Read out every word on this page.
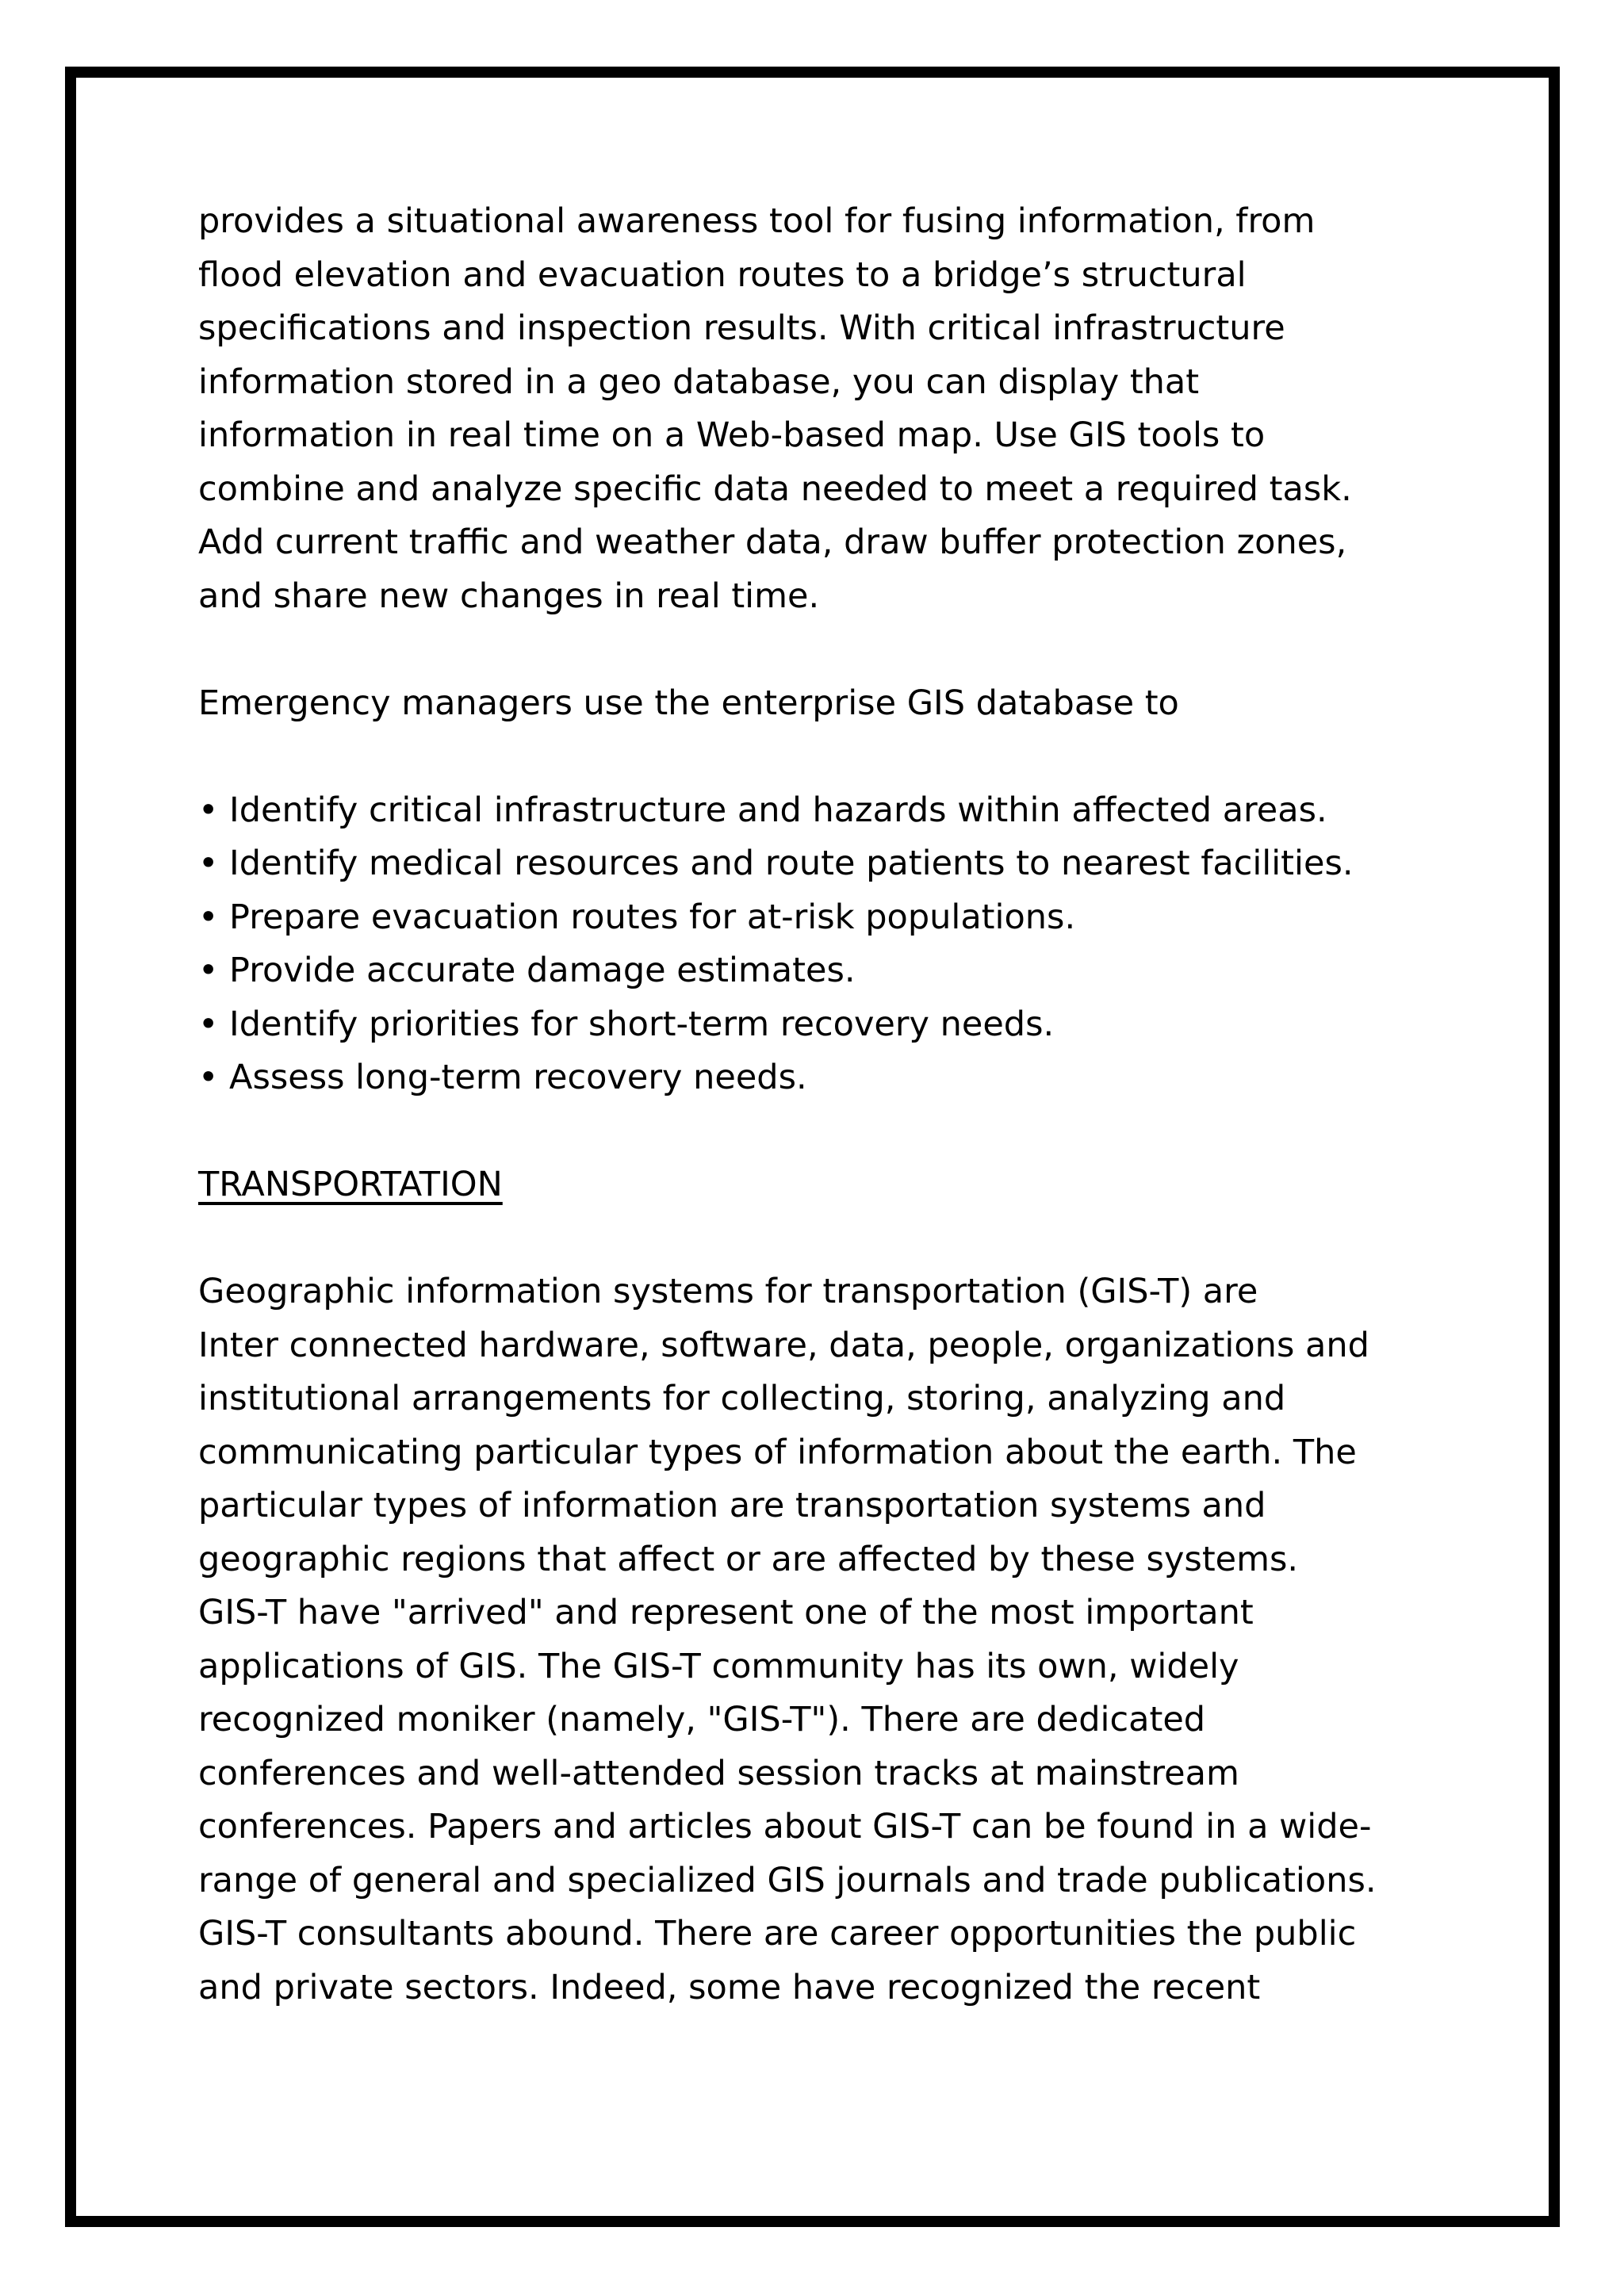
provides a situational awareness tool for fusing information, from
flood elevation and evacuation routes to a bridge’s structural
specifications and inspection results. With critical infrastructure
information stored in a geo database, you can display that
information in real time on a Web-based map. Use GIS tools to
combine and analyze specific data needed to meet a required task.
Add current traffic and weather data, draw buffer protection zones,
and share new changes in real time.

Emergency managers use the enterprise GIS database to

• Identify critical infrastructure and hazards within affected areas.
• Identify medical resources and route patients to nearest facilities.
• Prepare evacuation routes for at-risk populations.
• Provide accurate damage estimates.
• Identify priorities for short-term recovery needs.
• Assess long-term recovery needs.
TRANSPORTATION

Geographic information systems for transportation (GIS-T) are
Inter connected hardware, software, data, people, organizations and
institutional arrangements for collecting, storing, analyzing and
communicating particular types of information about the earth. The
particular types of information are transportation systems and
geographic regions that affect or are affected by these systems.
GIS-T have "arrived" and represent one of the most important
applications of GIS. The GIS-T community has its own, widely
recognized moniker (namely, "GIS-T"). There are dedicated
conferences and well-attended session tracks at mainstream
conferences. Papers and articles about GIS-T can be found in a wide-
range of general and specialized GIS journals and trade publications.
GIS-T consultants abound. There are career opportunities the public
and private sectors. Indeed, some have recognized the recent
